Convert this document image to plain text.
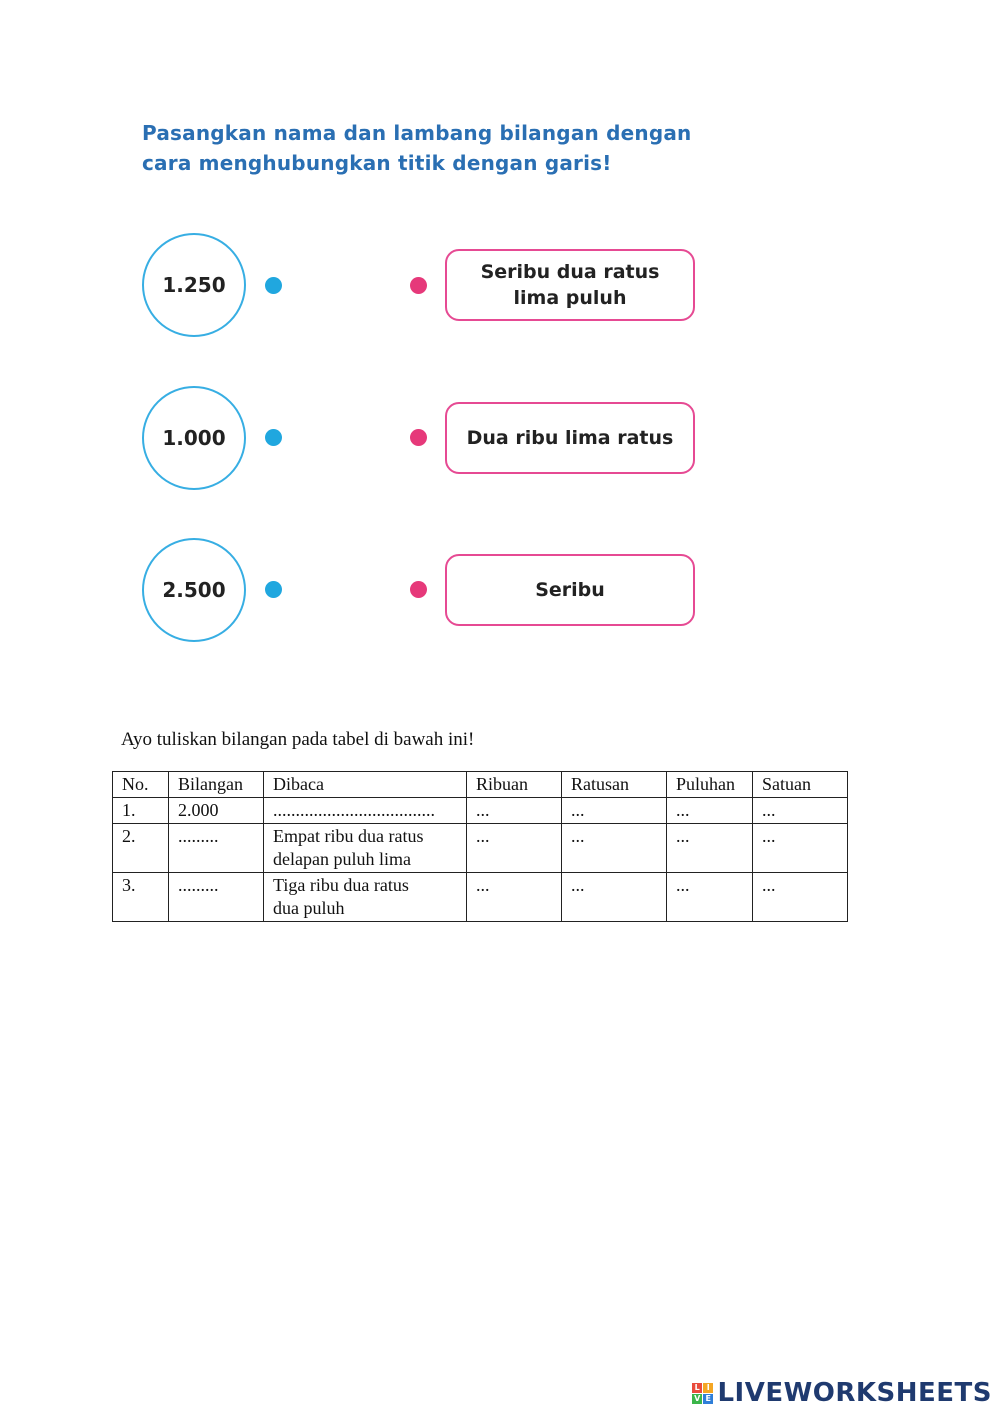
Pasangkan nama dan lambang bilangan dengan
cara menghubungkan titik dengan garis!
1.250
Seribu dua ratus
lima puluh
1.000	Dua ribu lima ratus
2.500	Seribu
Ayo tuliskan bilangan pada tabel di bawah ini!
No.	Bilangan	Dibaca	Ribuan	Ratusan	Puluhan	Satuan
1.	2.000	....................................	...	...	...	...
2.	.........	Empat ribu dua ratus
delapan puluh lima	...	...	...	...
3.	.........	Tiga ribu dua ratus
dua puluh	...	...	...	...
L I
V E LIVEWORKSHEETS
